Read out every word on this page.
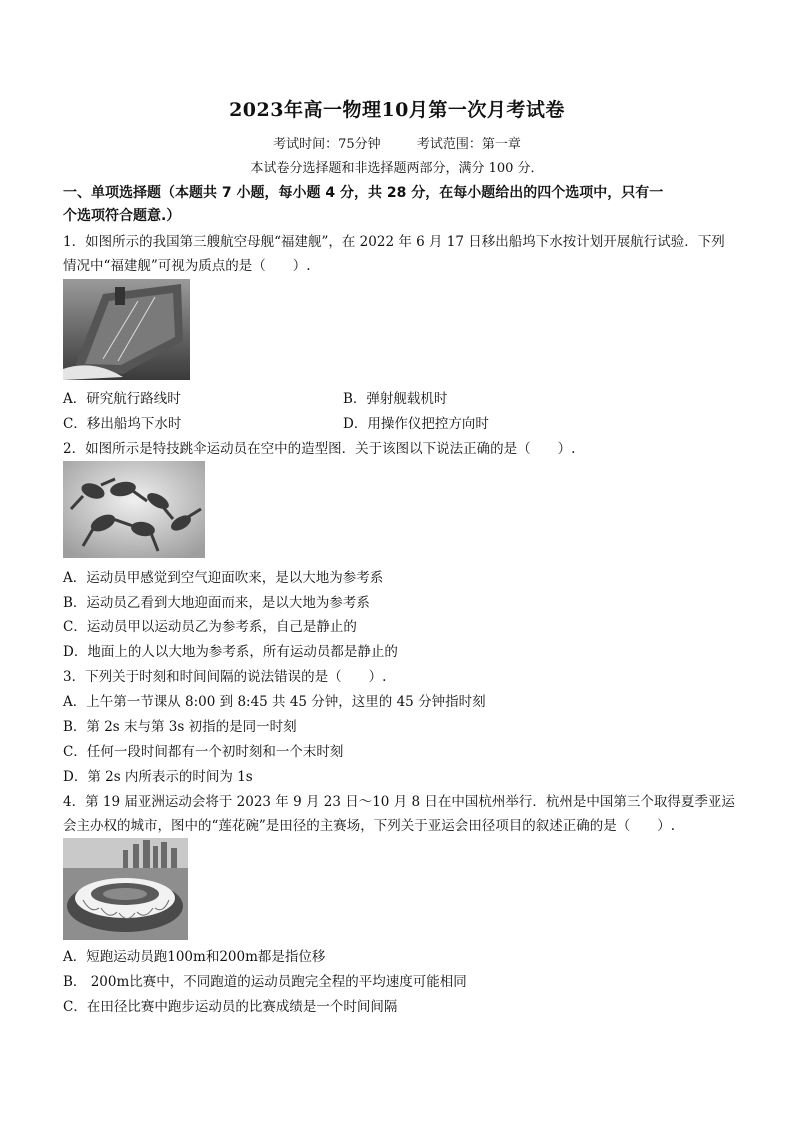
2023年高一物理10月第一次月考试卷
考试时间：75分钟	考试范围：第一章
本试卷分选择题和非选择题两部分，满分 100 分．
一、单项选择题（本题共 7 小题，每小题 4 分，共 28 分，在每小题给出的四个选项中，只有一
个选项符合题意.）
1．如图所示的我国第三艘航空母舰“福建舰”，在 2022 年 6 月 17 日移出船坞下水按计划开展航行试验．下列
情况中“福建舰”可视为质点的是（　　）.
A．研究航行路线时	B．弹射舰载机时
C．移出船坞下水时	D．用操作仪把控方向时
2．如图所示是特技跳伞运动员在空中的造型图．关于该图以下说法正确的是（　　）.
A．运动员甲感觉到空气迎面吹来，是以大地为参考系
B．运动员乙看到大地迎面而来，是以大地为参考系
C．运动员甲以运动员乙为参考系，自己是静止的
D．地面上的人以大地为参考系，所有运动员都是静止的
3．下列关于时刻和时间间隔的说法错误的是（　　）.
A．上午第一节课从 8:00 到 8:45 共 45 分钟，这里的 45 分钟指时刻
B．第 2s 末与第 3s 初指的是同一时刻
C．任何一段时间都有一个初时刻和一个末时刻
D．第 2s 内所表示的时间为 1s
4．第 19 届亚洲运动会将于 2023 年 9 月 23 日～10 月 8 日在中国杭州举行．杭州是中国第三个取得夏季亚运
会主办权的城市，图中的“莲花碗”是田径的主赛场，下列关于亚运会田径项目的叙述正确的是（　　）.
A．短跑运动员跑100m和200m都是指位移
B． 200m比赛中，不同跑道的运动员跑完全程的平均速度可能相同
C．在田径比赛中跑步运动员的比赛成绩是一个时间间隔
